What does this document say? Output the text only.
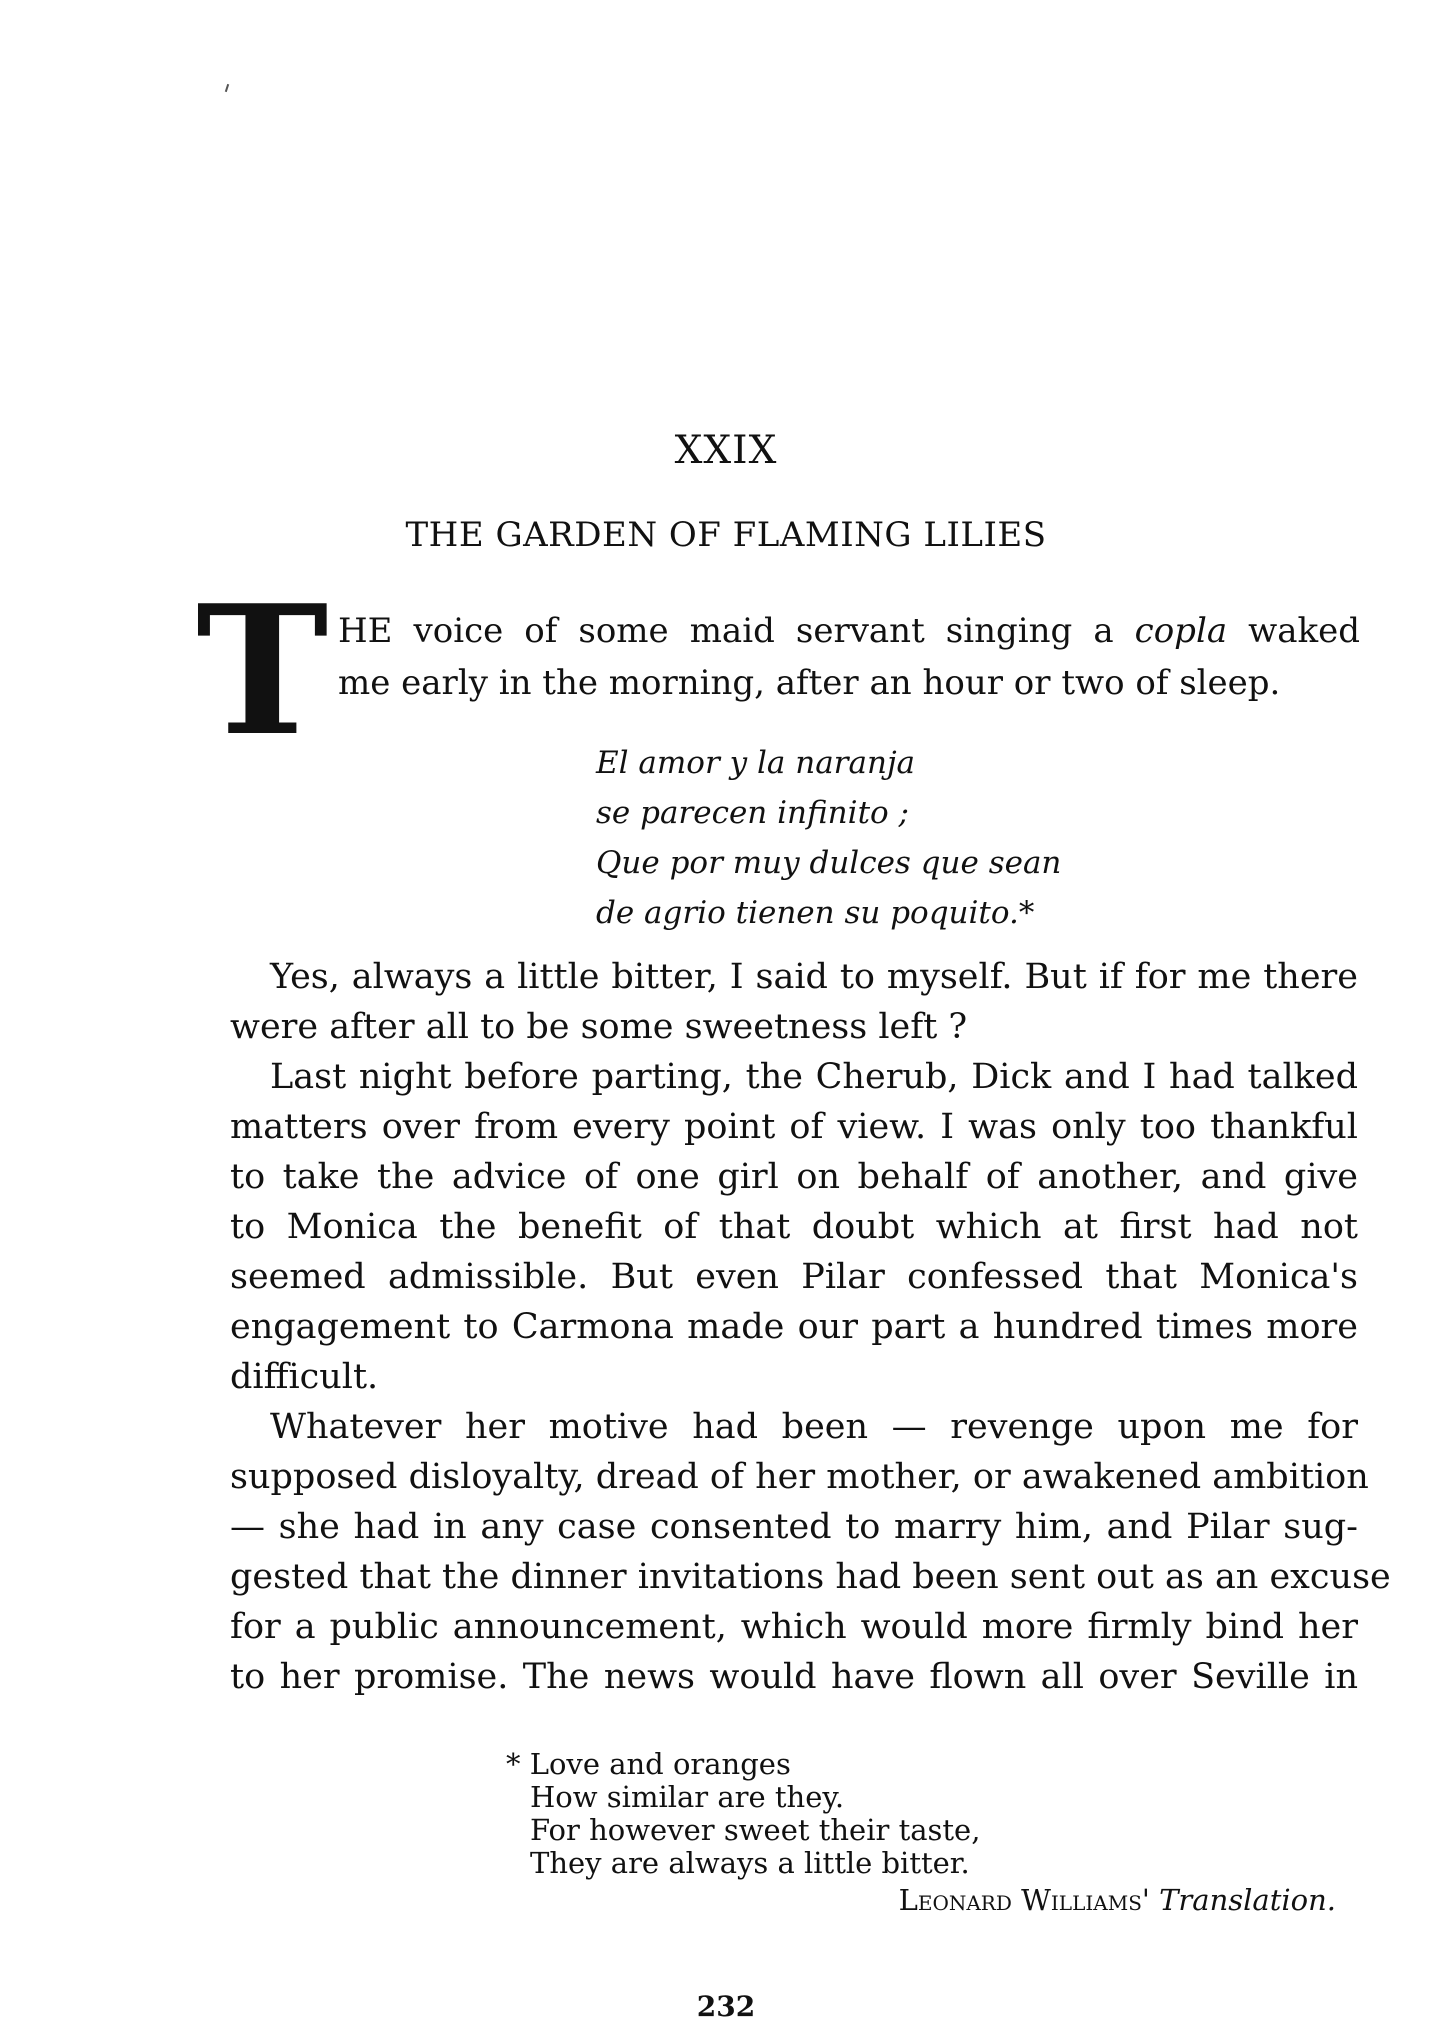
XXIX
THE GARDEN OF FLAMING LILIES
T HE voice of some maid servant singing a copla waked
me early in the morning, after an hour or two of sleep.
El amor y la naranja
se parecen infinito ;
Que por muy dulces que sean
de agrio tienen su poquito.*
Yes, always a little bitter, I said to myself. But if for me there
were after all to be some sweetness left ?
Last night before parting, the Cherub, Dick and I had talked
matters over from every point of view. I was only too thankful
to take the advice of one girl on behalf of another, and give
to Monica the benefit of that doubt which at first had not
seemed admissible. But even Pilar confessed that Monica's
engagement to Carmona made our part a hundred times more
difficult.
Whatever her motive had been — revenge upon me for
supposed disloyalty, dread of her mother, or awakened ambition
— she had in any case consented to marry him, and Pilar sug-
gested that the dinner invitations had been sent out as an excuse
for a public announcement, which would more firmly bind her
to her promise. The news would have flown all over Seville in
* Love and oranges
How similar are they.
For however sweet their taste,
They are always a little bitter.
Leonard Williams' Translation.
232
